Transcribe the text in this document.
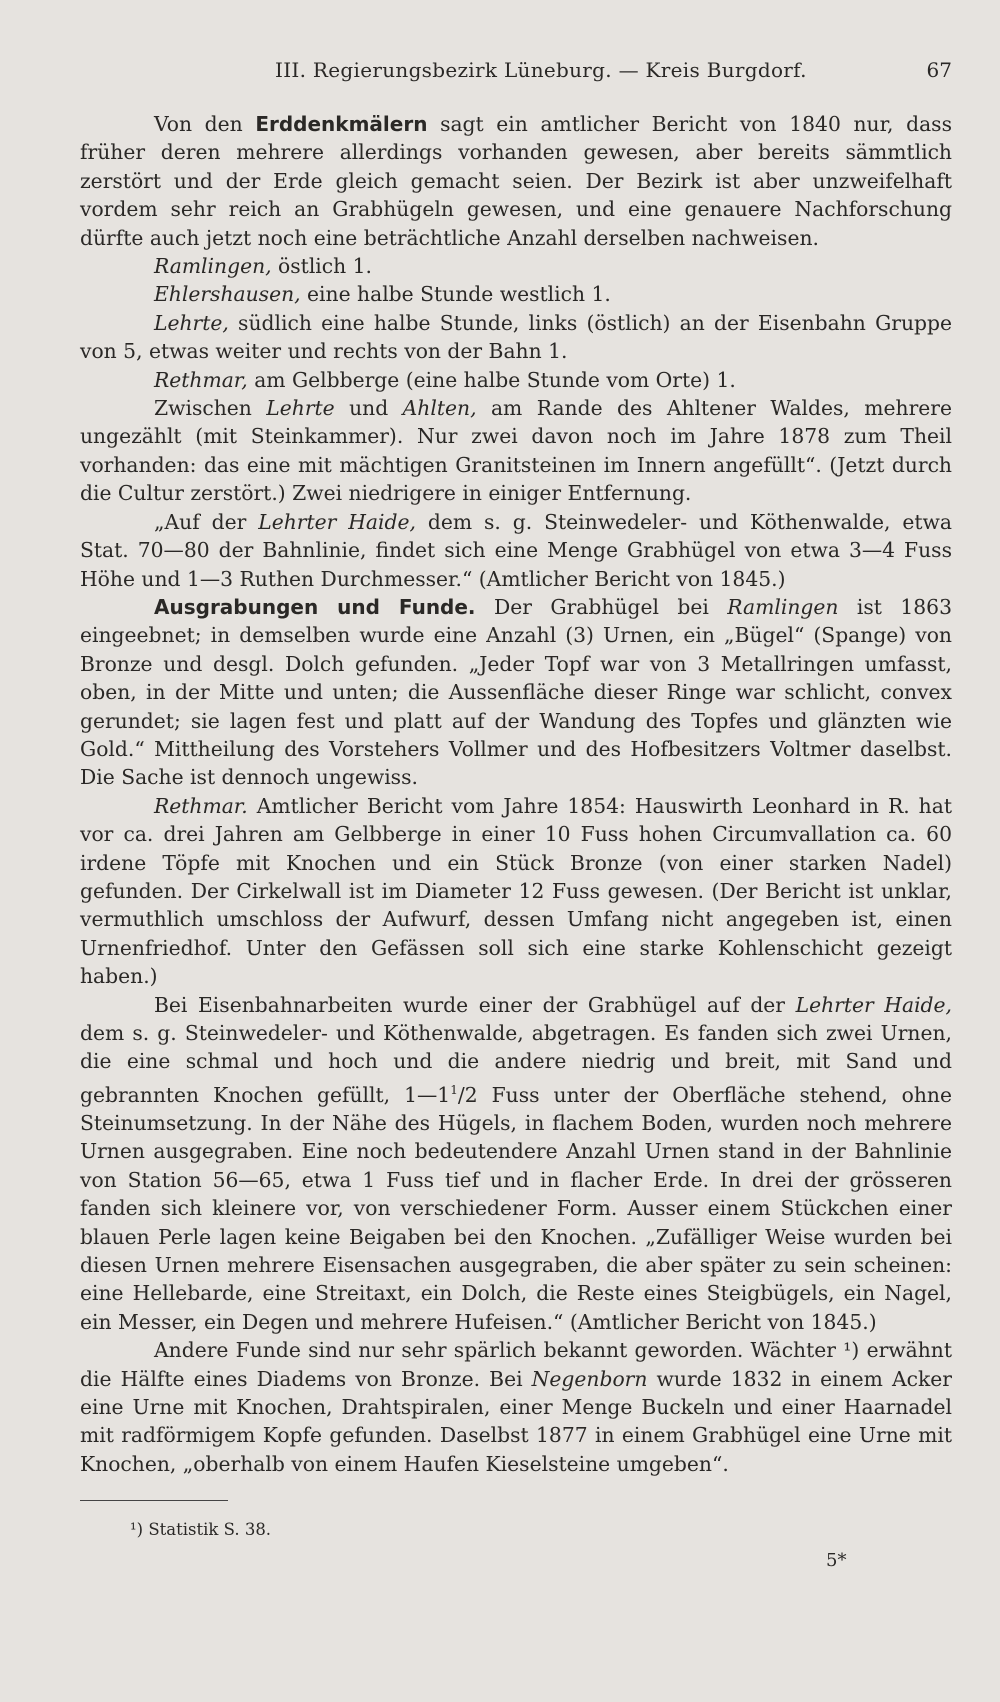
III. Regierungsbezirk Lüneburg. — Kreis Burgdorf.	67

Von den Erddenkmälern sagt ein amtlicher Bericht von 1840 nur, dass früher deren mehrere allerdings vorhanden gewesen, aber bereits sämmtlich zerstört und der Erde gleich gemacht seien. Der Bezirk ist aber unzweifelhaft vordem sehr reich an Grabhügeln gewesen, und eine genauere Nachforschung dürfte auch jetzt noch eine beträchtliche Anzahl derselben nachweisen.

Ramlingen, östlich 1.

Ehlershausen, eine halbe Stunde westlich 1.

Lehrte, südlich eine halbe Stunde, links (östlich) an der Eisenbahn Gruppe von 5, etwas weiter und rechts von der Bahn 1.

Rethmar, am Gelbberge (eine halbe Stunde vom Orte) 1.

Zwischen Lehrte und Ahlten, am Rande des Ahltener Waldes, mehrere ungezählt (mit Steinkammer). Nur zwei davon noch im Jahre 1878 zum Theil vorhanden: das eine mit mächtigen Granitsteinen im Innern angefüllt“. (Jetzt durch die Cultur zerstört.) Zwei niedrigere in einiger Entfernung.

„Auf der Lehrter Haide, dem s. g. Steinwedeler- und Köthenwalde, etwa Stat. 70—80 der Bahnlinie, findet sich eine Menge Grabhügel von etwa 3—4 Fuss Höhe und 1—3 Ruthen Durchmesser.“ (Amtlicher Bericht von 1845.)

Ausgrabungen und Funde. Der Grabhügel bei Ramlingen ist 1863 eingeebnet; in demselben wurde eine Anzahl (3) Urnen, ein „Bügel“ (Spange) von Bronze und desgl. Dolch gefunden. „Jeder Topf war von 3 Metallringen umfasst, oben, in der Mitte und unten; die Aussenfläche dieser Ringe war schlicht, convex gerundet; sie lagen fest und platt auf der Wandung des Topfes und glänzten wie Gold.“ Mittheilung des Vorstehers Vollmer und des Hofbesitzers Voltmer daselbst. Die Sache ist dennoch ungewiss.

Rethmar. Amtlicher Bericht vom Jahre 1854: Hauswirth Leonhard in R. hat vor ca. drei Jahren am Gelbberge in einer 10 Fuss hohen Circumvallation ca. 60 irdene Töpfe mit Knochen und ein Stück Bronze (von einer starken Nadel) gefunden. Der Cirkelwall ist im Diameter 12 Fuss gewesen. (Der Bericht ist unklar, vermuthlich umschloss der Aufwurf, dessen Umfang nicht angegeben ist, einen Urnenfriedhof. Unter den Gefässen soll sich eine starke Kohlenschicht gezeigt haben.)

Bei Eisenbahnarbeiten wurde einer der Grabhügel auf der Lehrter Haide, dem s. g. Steinwedeler- und Köthenwalde, abgetragen. Es fanden sich zwei Urnen, die eine schmal und hoch und die andere niedrig und breit, mit Sand und gebrannten Knochen gefüllt, $1—1^1/2$ Fuss unter der Oberfläche stehend, ohne Steinumsetzung. In der Nähe des Hügels, in flachem Boden, wurden noch mehrere Urnen ausgegraben. Eine noch bedeutendere Anzahl Urnen stand in der Bahnlinie von Station 56—65, etwa 1 Fuss tief und in flacher Erde. In drei der grösseren fanden sich kleinere vor, von verschiedener Form. Ausser einem Stückchen einer blauen Perle lagen keine Beigaben bei den Knochen. „Zufälliger Weise wurden bei diesen Urnen mehrere Eisensachen ausgegraben, die aber später zu sein scheinen: eine Hellebarde, eine Streitaxt, ein Dolch, die Reste eines Steigbügels, ein Nagel, ein Messer, ein Degen und mehrere Hufeisen.“ (Amtlicher Bericht von 1845.)

Andere Funde sind nur sehr spärlich bekannt geworden. Wächter ¹) erwähnt die Hälfte eines Diadems von Bronze. Bei Negenborn wurde 1832 in einem Acker eine Urne mit Knochen, Drahtspiralen, einer Menge Buckeln und einer Haarnadel mit radförmigem Kopfe gefunden. Daselbst 1877 in einem Grabhügel eine Urne mit Knochen, „oberhalb von einem Haufen Kieselsteine umgeben“.

¹) Statistik S. 38.
5*
